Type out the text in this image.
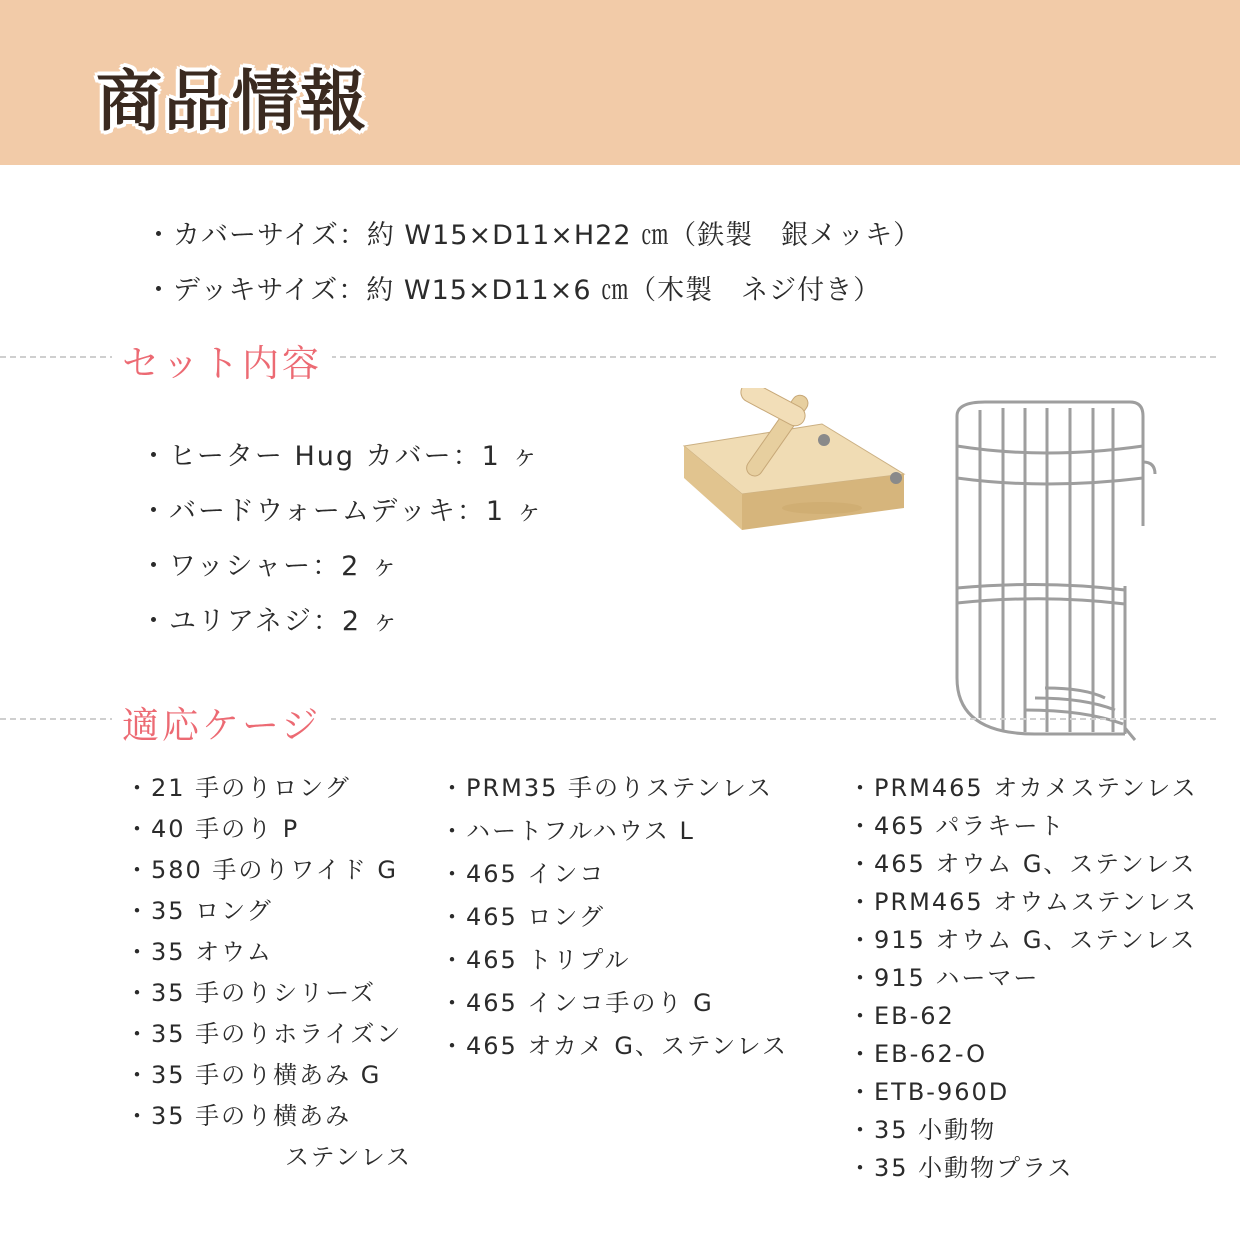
商品情報
・カバーサイズ：約 W15×D11×H22 ㎝（鉄製　銀メッキ）
・デッキサイズ：約 W15×D11×6 ㎝（木製　ネジ付き）
セット内容
・ヒーター Hug カバー：1 ヶ
・バードウォームデッキ：1 ヶ
・ワッシャー：2 ヶ
・ユリアネジ：2 ヶ
適応ケージ
・21 手のりロング
・40 手のり P
・580 手のりワイド G
・35 ロング
・35 オウム
・35 手のりシリーズ
・35 手のりホライズン
・35 手のり横あみ G
・35 手のり横あみ
ステンレス
・PRM35 手のりステンレス
・ハートフルハウス L
・465 インコ
・465 ロング
・465 トリプル
・465 インコ手のり G
・465 オカメ G、ステンレス
・PRM465 オカメステンレス
・465 パラキート
・465 オウム G、ステンレス
・PRM465 オウムステンレス
・915 オウム G、ステンレス
・915 ハーマー
・EB-62
・EB-62-O
・ETB-960D
・35 小動物
・35 小動物プラス
